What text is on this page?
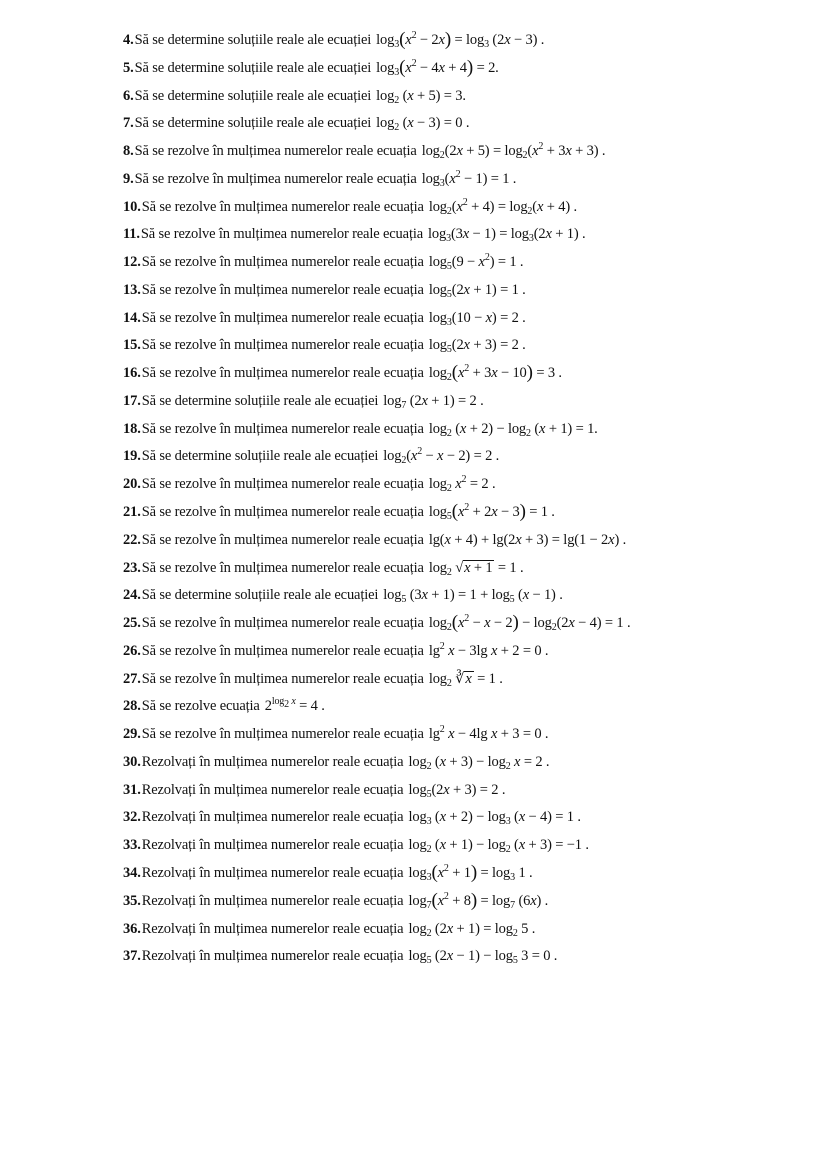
4.Să se determine soluțiile reale ale ecuației $\log_3(x^2 - 2x) = \log_3 (2x - 3)$ .
5.Să se determine soluțiile reale ale ecuației $\log_3(x^2 - 4x + 4) = 2$.
6.Să se determine soluțiile reale ale ecuației $\log_2 (x + 5) = 3$.
7.Să se determine soluțiile reale ale ecuației $\log_2 (x - 3) = 0$ .
8.Să se rezolve în mulțimea numerelor reale ecuația $\log_2(2x + 5) = \log_2(x^2 + 3x + 3)$ .
9.Să se rezolve în mulțimea numerelor reale ecuația $\log_3(x^2 - 1) = 1$ .
10.Să se rezolve în mulțimea numerelor reale ecuația $\log_2(x^2 + 4) = \log_2(x + 4)$ .
11.Să se rezolve în mulțimea numerelor reale ecuația $\log_3(3x - 1) = \log_3(2x + 1)$ .
12.Să se rezolve în mulțimea numerelor reale ecuația $\log_5(9 - x^2) = 1$ .
13.Să se rezolve în mulțimea numerelor reale ecuația $\log_5(2x + 1) = 1$ .
14.Să se rezolve în mulțimea numerelor reale ecuația $\log_3(10 - x) = 2$ .
15.Să se rezolve în mulțimea numerelor reale ecuația $\log_5(2x + 3) = 2$ .
16.Să se rezolve în mulțimea numerelor reale ecuația $\log_2(x^2 + 3x - 10) = 3$ .
17.Să se determine soluțiile reale ale ecuației $\log_7 (2x + 1) = 2$ .
18.Să se rezolve în mulțimea numerelor reale ecuația $\log_2 (x + 2) - \log_2 (x + 1) = 1$.
19.Să se determine soluțiile reale ale ecuației $\log_2(x^2 - x - 2) = 2$ .
20.Să se rezolve în mulțimea numerelor reale ecuația $\log_2 x^2 = 2$ .
21.Să se rezolve în mulțimea numerelor reale ecuația $\log_5(x^2 + 2x - 3) = 1$ .
22.Să se rezolve în mulțimea numerelor reale ecuația lg(x + 4) + lg(2x + 3) = lg(1 − 2x) .
23.Să se rezolve în mulțimea numerelor reale ecuația $\log_2 √x + 1 = 1$ .
24.Să se determine soluțiile reale ale ecuației $\log_5 (3x + 1) = 1 + \log_5 (x - 1)$ .
25.Să se rezolve în mulțimea numerelor reale ecuația $\log_2(x^2 - x - 2) - \log_2(2x - 4) = 1$ .
26.Să se rezolve în mulțimea numerelor reale ecuația $\lg^2 x - 3\lg$ x + 2 = 0 .
27.Să se rezolve în mulțimea numerelor reale ecuația $\log_2$ ∛x = 1 .
28.Să se rezolve ecuația $2^{log_2 x} = 4$ .
29.Să se rezolve în mulțimea numerelor reale ecuația $\lg^2 x - 4\lg$ x + 3 = 0 .
30.Rezolvați în mulțimea numerelor reale ecuația $\log_2 (x + 3) - \log_2 x = 2$ .
31.Rezolvați în mulțimea numerelor reale ecuația $\log_5(2x + 3) = 2$ .
32.Rezolvați în mulțimea numerelor reale ecuația $\log_3 (x + 2) - \log_3 (x - 4) = 1$ .
33.Rezolvați în mulțimea numerelor reale ecuația $\log_2 (x + 1) - \log_2 (x + 3) = -1$ .
34.Rezolvați în mulțimea numerelor reale ecuația $\log_3(x^2 + 1) = \log_3 1$ .
35.Rezolvați în mulțimea numerelor reale ecuația $\log_7(x^2 + 8) = \log_7 (6x)$ .
36.Rezolvați în mulțimea numerelor reale ecuația $\log_2 (2x + 1) = \log_2 5$ .
37.Rezolvați în mulțimea numerelor reale ecuația $\log_5 (2x - 1) - \log_5 3 = 0$ .
